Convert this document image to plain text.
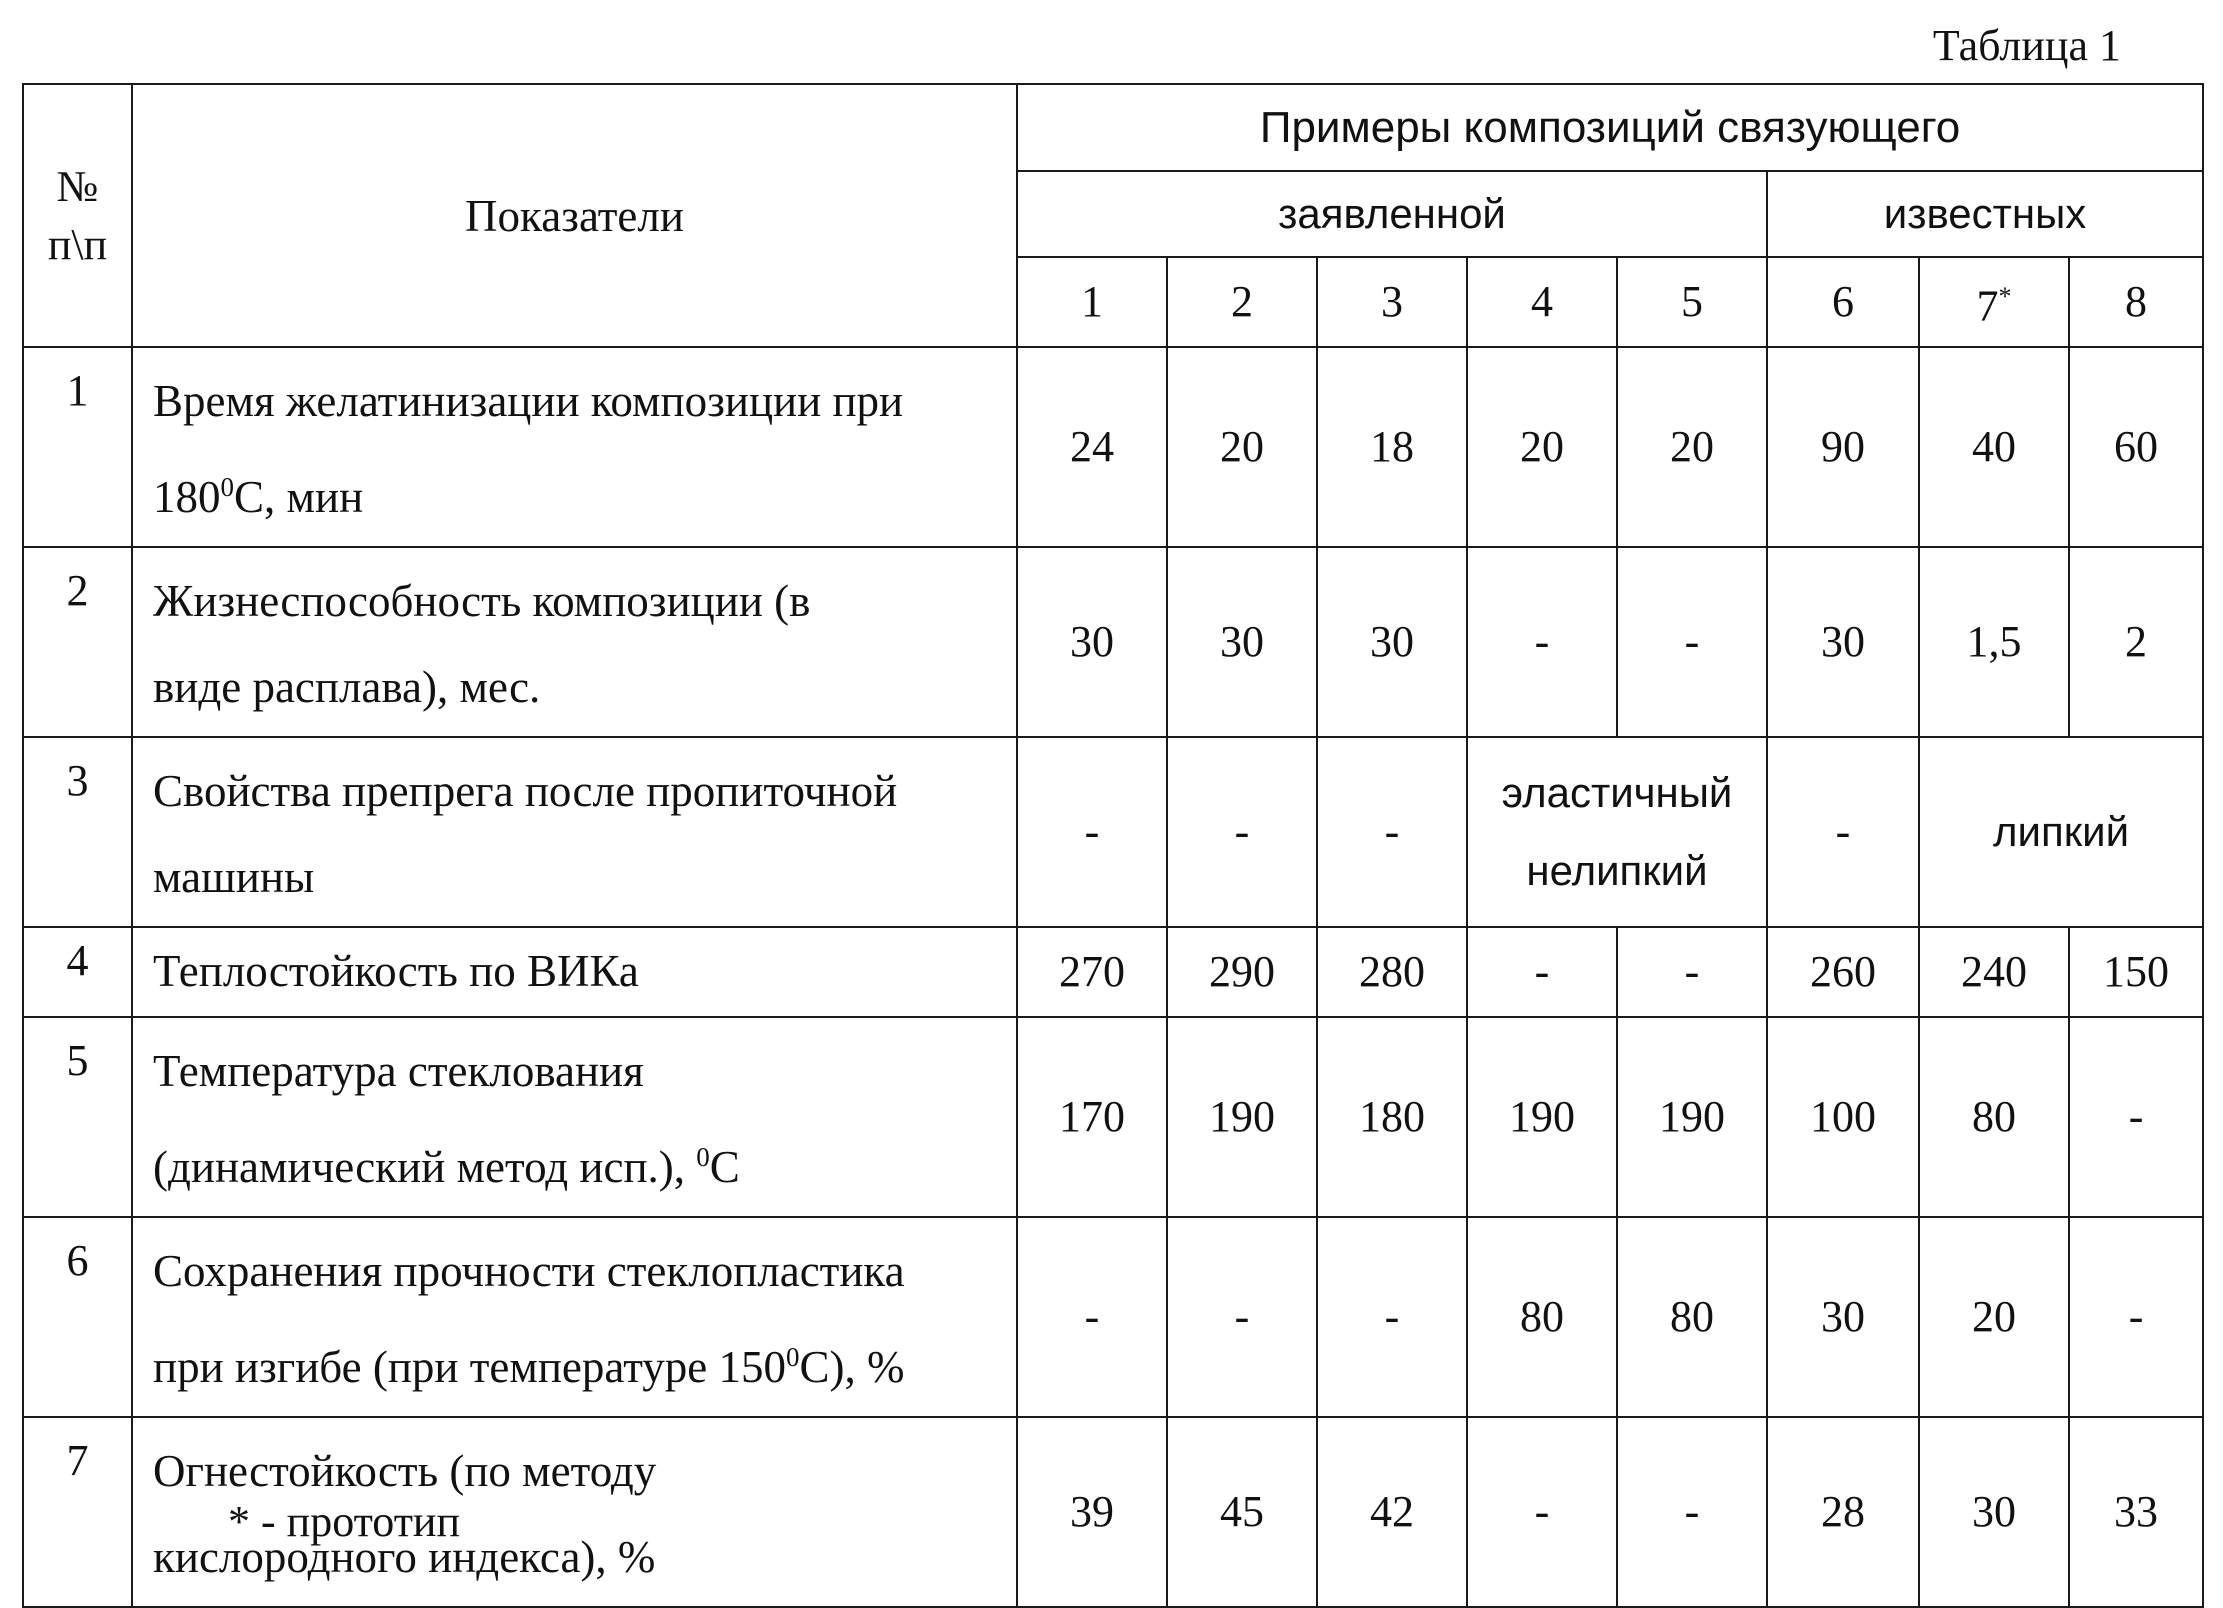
Таблица 1
№
п\п
	Показатели	Примеры композиций связующего
заявленной	известных
1	2	3	4	5	6	7*	8
1	Время желатинизации композиции при
1800С, мин
	24	20	18	20	20	90	40	60
2	Жизнеспособность композиции (в
виде расплава), мес.
	30	30	30	-	-	30	1,5	2
3	Свойства препрега после пропиточной
машины
	-	-	-	
эластичный
нелипкий
	-	липкий
4	Теплостойкость по ВИКа	270	290	280	-	-	260	240	150
5	Температура стеклования
(динамический метод исп.), 0С
	170	190	180	190	190	100	80	-
6	Сохранения прочности стеклопластика
при изгибе (при температуре 1500С), %
	-	-	-	80	80	30	20	-
7	Огнестойкость (по методу
кислородного индекса), %
	39	45	42	-	-	28	30	33
* - прототип
